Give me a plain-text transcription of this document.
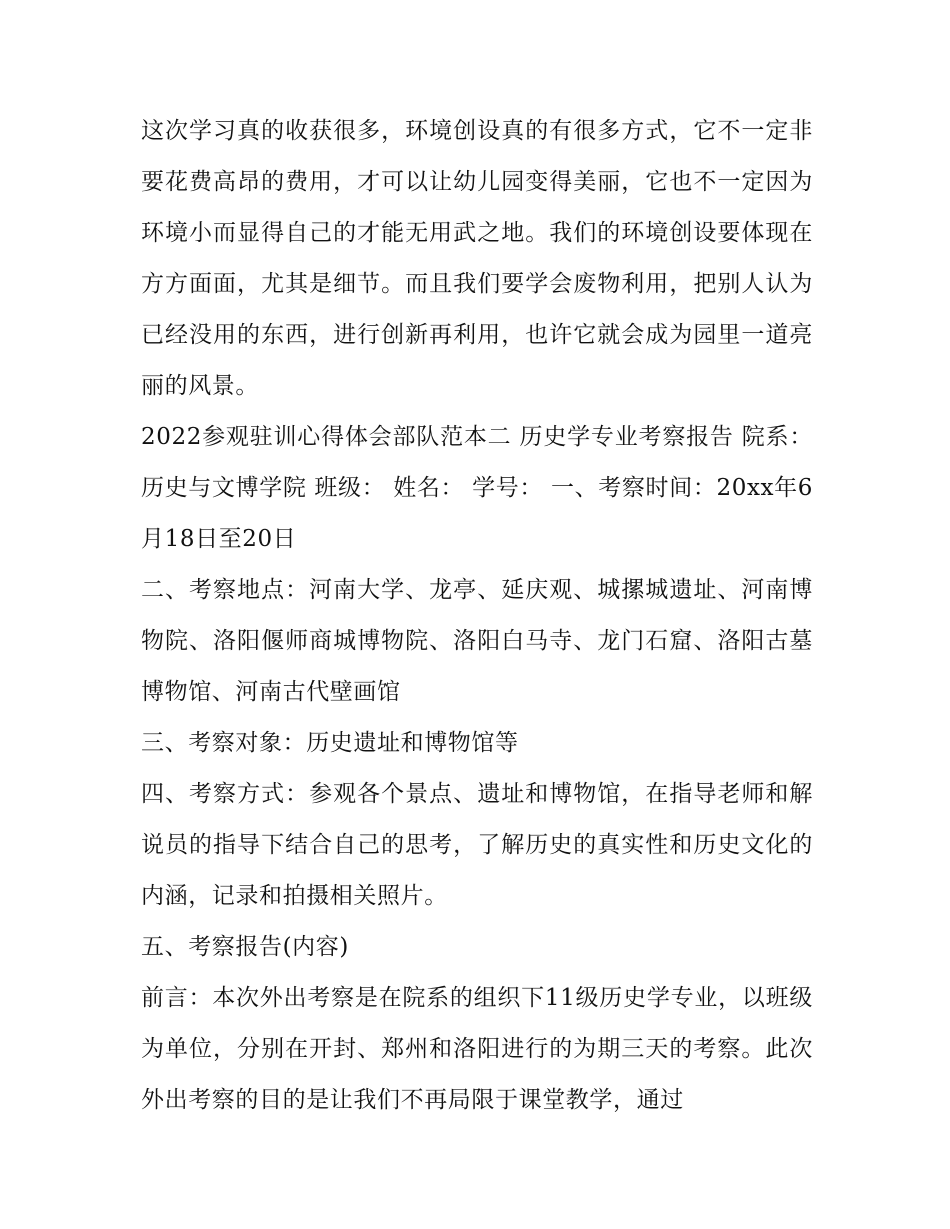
这次学习真的收获很多，环境创设真的有很多方式，它不一定非要花费高昂的费用，才可以让幼儿园变得美丽，它也不一定因为环境小而显得自己的才能无用武之地。我们的环境创设要体现在方方面面，尤其是细节。而且我们要学会废物利用，把别人认为已经没用的东西，进行创新再利用，也许它就会成为园里一道亮丽的风景。

2022参观驻训心得体会部队范本二 历史学专业考察报告 院系：历史与文博学院 班级： 姓名： 学号： 一、考察时间：20xx年6月18日至20日

二、考察地点：河南大学、龙亭、延庆观、城摞城遗址、河南博物院、洛阳偃师商城博物院、洛阳白马寺、龙门石窟、洛阳古墓博物馆、河南古代壁画馆

三、考察对象：历史遗址和博物馆等

四、考察方式：参观各个景点、遗址和博物馆，在指导老师和解说员的指导下结合自己的思考，了解历史的真实性和历史文化的内涵，记录和拍摄相关照片。

五、考察报告(内容)

前言：本次外出考察是在院系的组织下11级历史学专业，以班级为单位，分别在开封、郑州和洛阳进行的为期三天的考察。此次外出考察的目的是让我们不再局限于课堂教学，通过
